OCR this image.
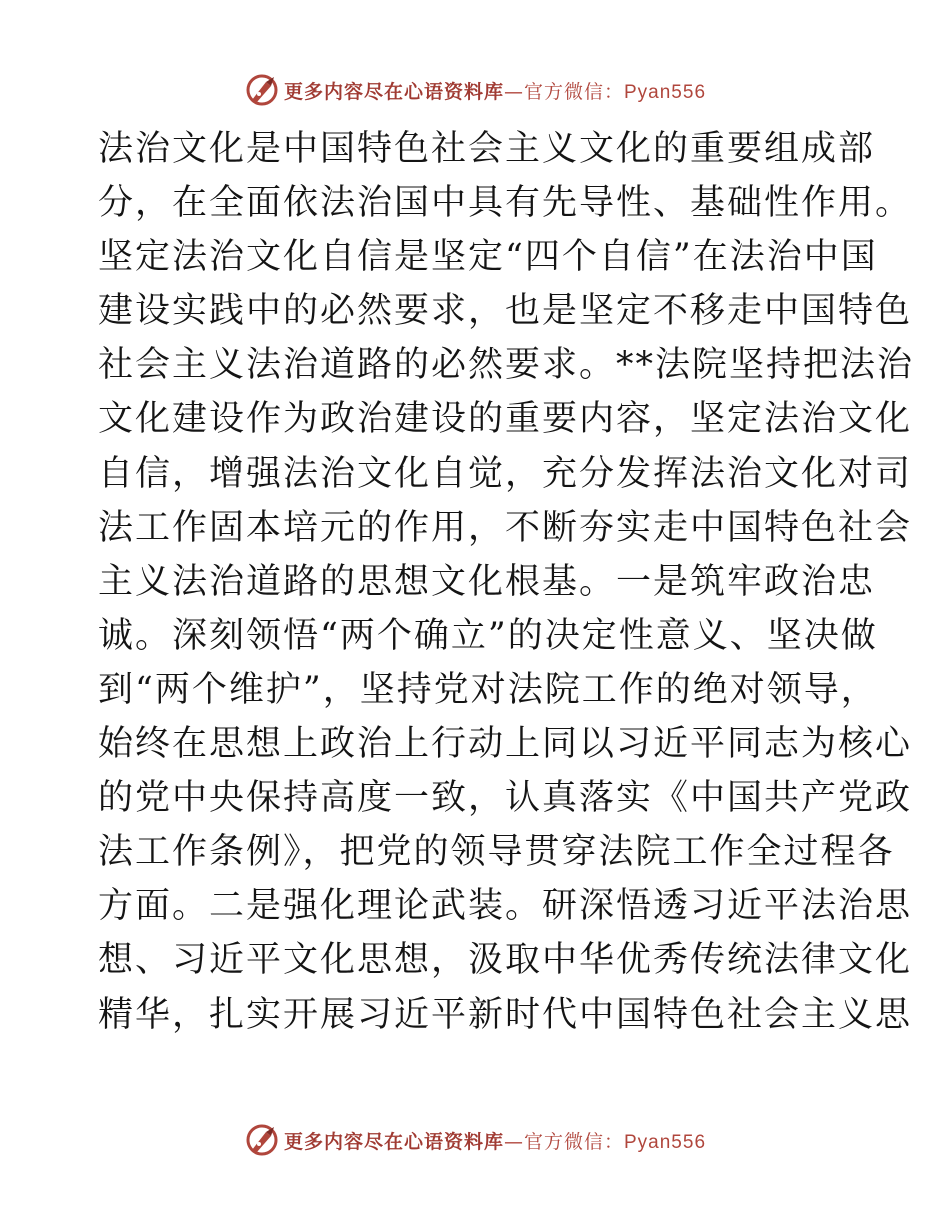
更多内容尽在心语资料库—官方微信：Pyan556
法治文化是中国特色社会主义文化的重要组成部
分，在全面依法治国中具有先导性、基础性作用。
坚定法治文化自信是坚定“四个自信”在法治中国
建设实践中的必然要求，也是坚定不移走中国特色
社会主义法治道路的必然要求。**法院坚持把法治
文化建设作为政治建设的重要内容，坚定法治文化
自信，增强法治文化自觉，充分发挥法治文化对司
法工作固本培元的作用，不断夯实走中国特色社会
主义法治道路的思想文化根基。一是筑牢政治忠
诚。深刻领悟“两个确立”的决定性意义、坚决做
到“两个维护”，坚持党对法院工作的绝对领导，
始终在思想上政治上行动上同以习近平同志为核心
的党中央保持高度一致，认真落实《中国共产党政
法工作条例》，把党的领导贯穿法院工作全过程各
方面。二是强化理论武装。研深悟透习近平法治思
想、习近平文化思想，汲取中华优秀传统法律文化
精华，扎实开展习近平新时代中国特色社会主义思
更多内容尽在心语资料库—官方微信：Pyan556
